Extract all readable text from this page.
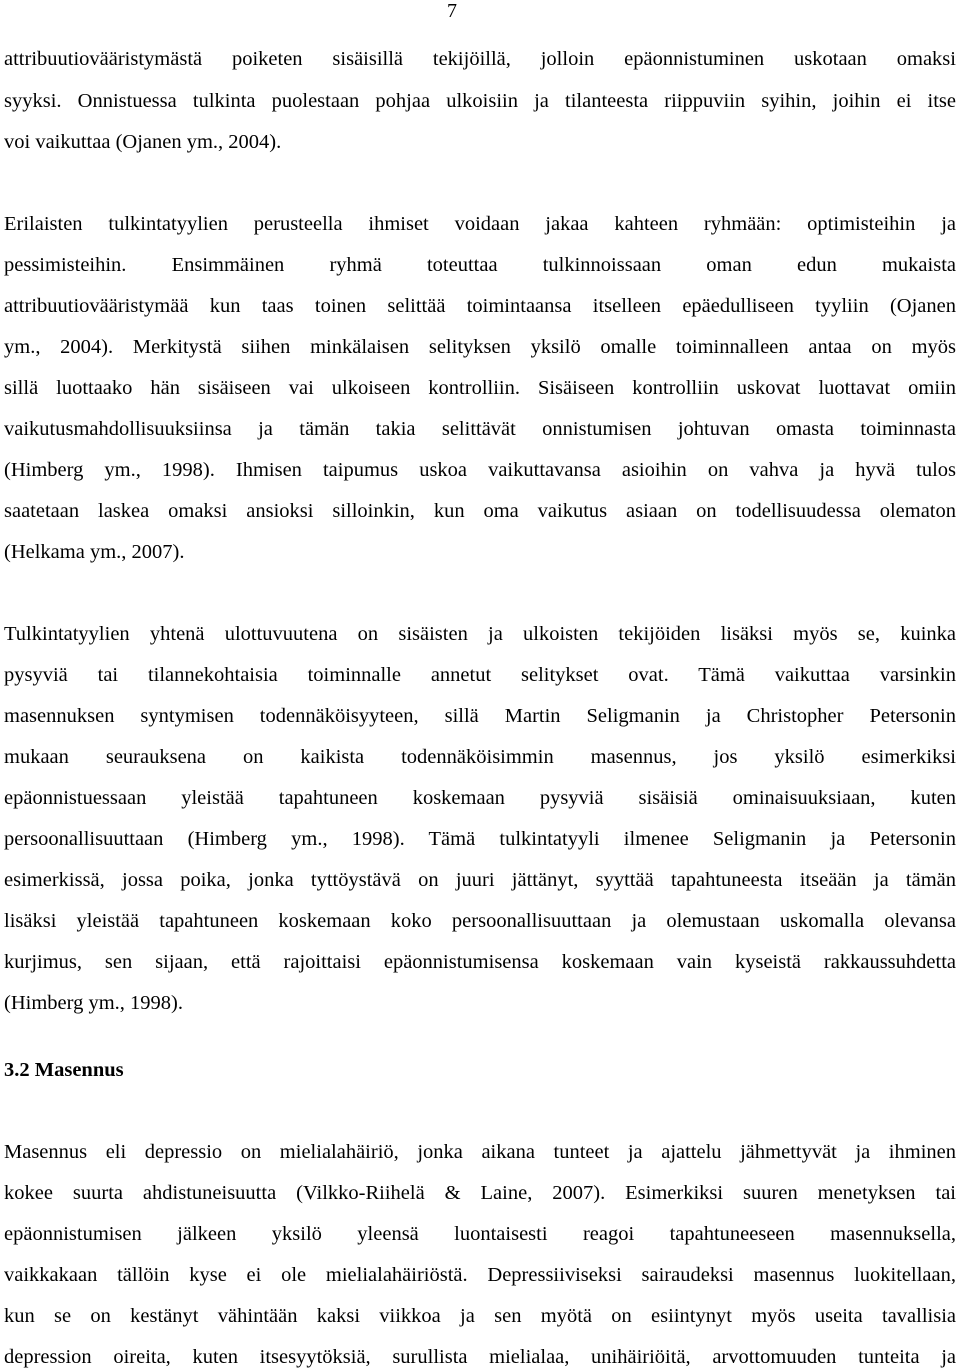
7
attribuutiovääristymästä poiketen sisäisillä tekijöillä, jolloin epäonnistuminen uskotaan omaksi
syyksi. Onnistuessa tulkinta puolestaan pohjaa ulkoisiin ja tilanteesta riippuviin syihin, joihin ei itse
voi vaikuttaa (Ojanen ym., 2004).
Erilaisten tulkintatyylien perusteella ihmiset voidaan jakaa kahteen ryhmään: optimisteihin ja
pessimisteihin. Ensimmäinen ryhmä toteuttaa tulkinnoissaan oman edun mukaista
attribuutiovääristymää kun taas toinen selittää toimintaansa itselleen epäedulliseen tyyliin (Ojanen
ym., 2004). Merkitystä siihen minkälaisen selityksen yksilö omalle toiminnalleen antaa on myös
sillä luottaako hän sisäiseen vai ulkoiseen kontrolliin. Sisäiseen kontrolliin uskovat luottavat omiin
vaikutusmahdollisuuksiinsa ja tämän takia selittävät onnistumisen johtuvan omasta toiminnasta
(Himberg ym., 1998). Ihmisen taipumus uskoa vaikuttavansa asioihin on vahva ja hyvä tulos
saatetaan laskea omaksi ansioksi silloinkin, kun oma vaikutus asiaan on todellisuudessa olematon
(Helkama ym., 2007).
Tulkintatyylien yhtenä ulottuvuutena on sisäisten ja ulkoisten tekijöiden lisäksi myös se, kuinka
pysyviä tai tilannekohtaisia toiminnalle annetut selitykset ovat. Tämä vaikuttaa varsinkin
masennuksen syntymisen todennäköisyyteen, sillä Martin Seligmanin ja Christopher Petersonin
mukaan seurauksena on kaikista todennäköisimmin masennus, jos yksilö esimerkiksi
epäonnistuessaan yleistää tapahtuneen koskemaan pysyviä sisäisiä ominaisuuksiaan, kuten
persoonallisuuttaan (Himberg ym., 1998). Tämä tulkintatyyli ilmenee Seligmanin ja Petersonin
esimerkissä, jossa poika, jonka tyttöystävä on juuri jättänyt, syyttää tapahtuneesta itseään ja tämän
lisäksi yleistää tapahtuneen koskemaan koko persoonallisuuttaan ja olemustaan uskomalla olevansa
kurjimus, sen sijaan, että rajoittaisi epäonnistumisensa koskemaan vain kyseistä rakkaussuhdetta
(Himberg ym., 1998).
3.2 Masennus
Masennus eli depressio on mielialahäiriö, jonka aikana tunteet ja ajattelu jähmettyvät ja ihminen
kokee suurta ahdistuneisuutta (Vilkko-Riihelä & Laine, 2007). Esimerkiksi suuren menetyksen tai
epäonnistumisen jälkeen yksilö yleensä luontaisesti reagoi tapahtuneeseen masennuksella,
vaikkakaan tällöin kyse ei ole mielialahäiriöstä. Depressiiviseksi sairaudeksi masennus luokitellaan,
kun se on kestänyt vähintään kaksi viikkoa ja sen myötä on esiintynyt myös useita tavallisia
depression oireita, kuten itsesyytöksiä, surullista mielialaa, unihäiriöitä, arvottomuuden tunteita ja
